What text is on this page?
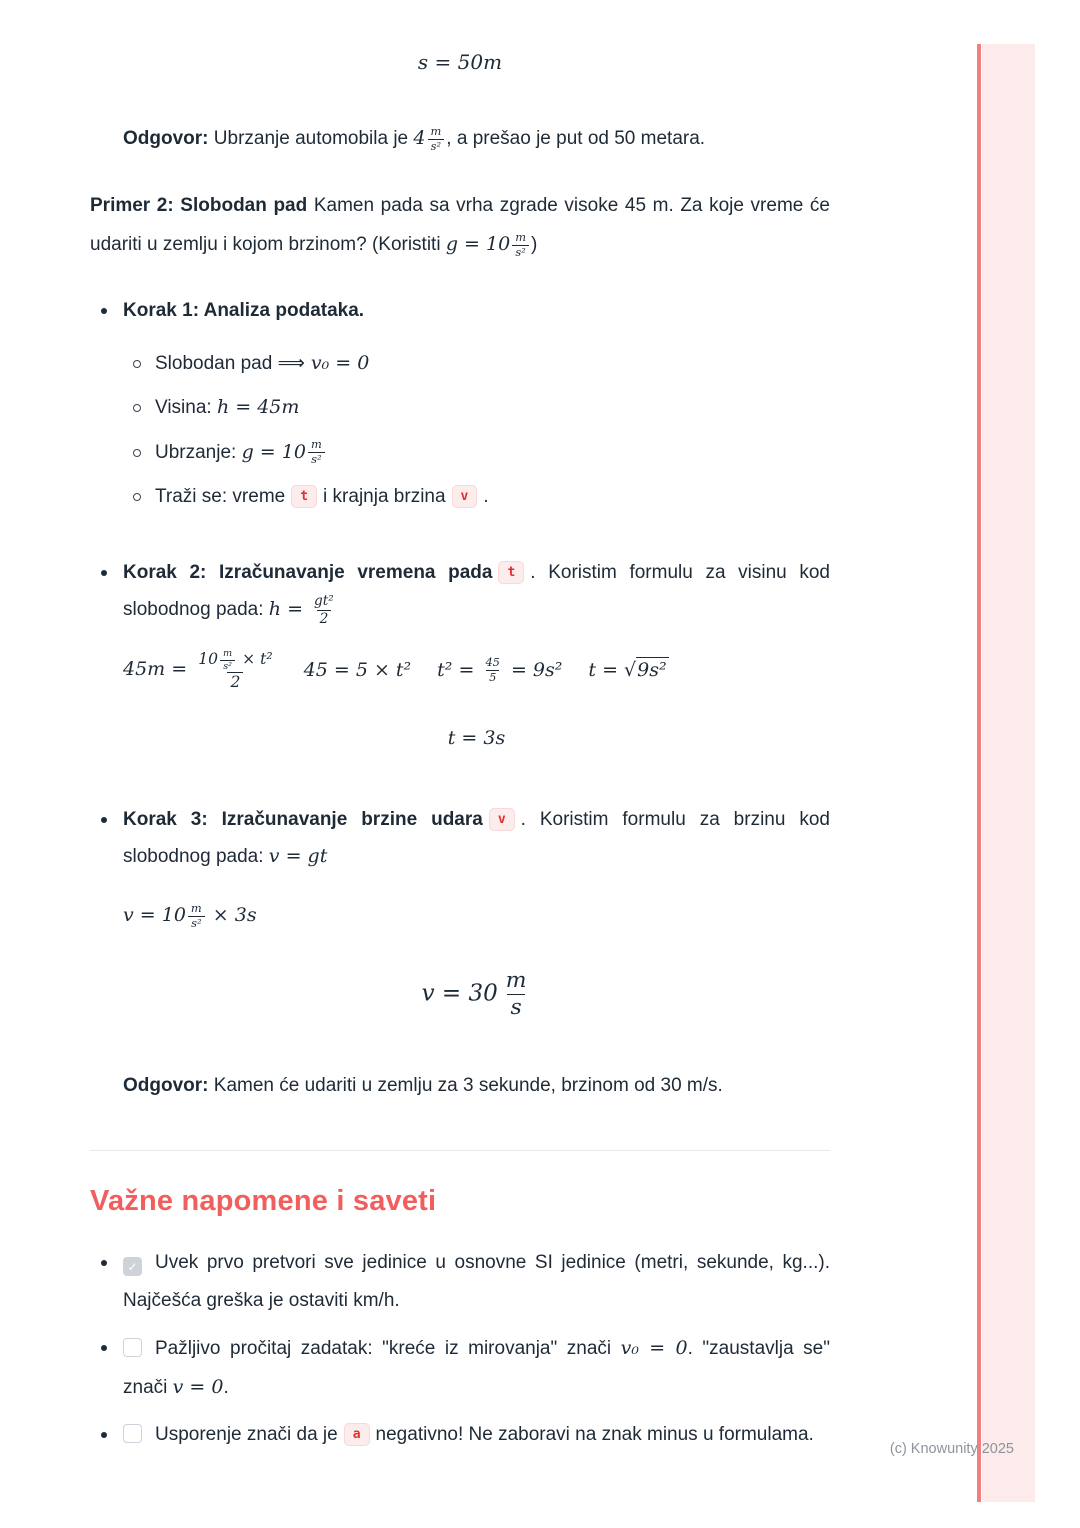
s = 50m

Odgovor: Ubrzanje automobila je $4 \frac{m}{\text{s²}}$ , a prešao je put od 50 metara.

Primer 2: Slobodan pad Kamen pada sa vrha zgrade visoke 45 m. Za koje vreme će udariti u zemlju i kojom brzinom? (Koristiti $g = 10 \frac{m}{\text{s²}}$ )

Korak 1: Analiza podataka.
Slobodan pad ⟹ v₀ = 0
Visina: h = 45m
Ubrzanje: $g = 10 \frac{m}{\text{s²}}$
Traži se: vreme t i krajnja brzina v .
Korak 2: Izračunavanje vremena pada t . Koristim formulu za visinu kod slobodnog pada: $h = \frac{\text{gt²}}{2}$
$45m = \frac{10 \frac{m}{\text{s²}} \times t^2}{2} 45 = 5 \times t^2$ $t^2 = \frac{45}{5} = 9s^2$ t = √9s²
t = 3s
Korak 3: Izračunavanje brzine udara v . Koristim formulu za brzinu kod slobodnog pada: v = gt
$v = 10 \frac{m}{\text{s²}} \times 3s$
$v = 30 \frac{m}{s}$

Odgovor: Kamen će udariti u zemlju za 3 sekunde, brzinom od 30 m/s.

Važne napomene i saveti
✓ Uvek prvo pretvori sve jedinice u osnovne SI jedinice (metri, sekunde, kg...). Najčešća greška je ostaviti km/h.
Pažljivo pročitaj zadatak: "kreće iz mirovanja" znači v₀ = 0. "zaustavlja se" znači v = 0.
Usporenje znači da je a negativno! Ne zaboravi na znak minus u formulama.
(c) Knowunity 2025
